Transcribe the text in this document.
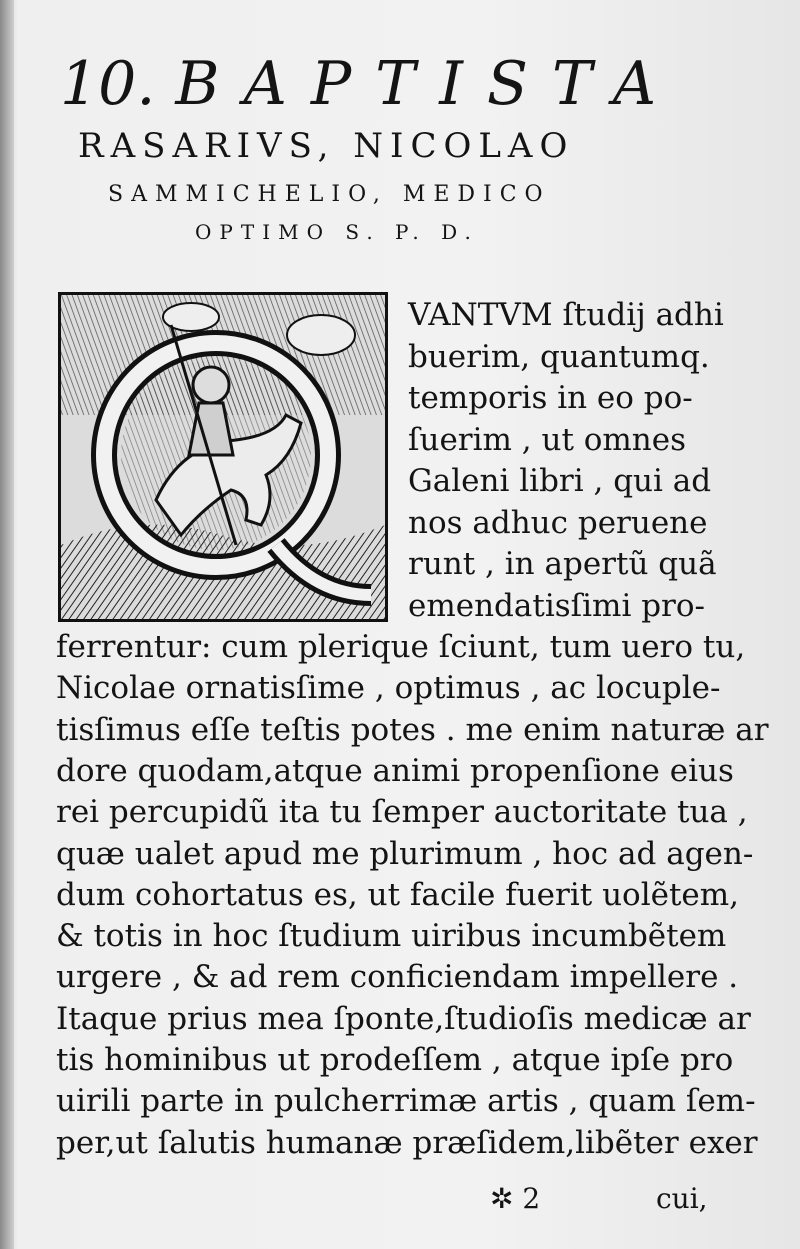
10. BAPTISTA
RASARIVS, NICOLAO
SAMMICHELIO, MEDICO
OPTIMO S. P. D.
VANTVM ſtudij adhi
buerim, quantumq.
temporis in eo po-
ſuerim , ut omnes
Galeni libri , qui ad
nos adhuc peruene
runt , in apertũ quã
emendatisſimi pro-
ferrentur: cum plerique ſciunt, tum uero tu,
Nicolae ornatisſime , optimus , ac locuple-
tisſimus eſſe teſtis potes . me enim naturæ ar
dore quodam,atque animi propenſione eius
rei percupidũ ita tu ſemper auctoritate tua ,
quæ ualet apud me plurimum , hoc ad agen-
dum cohortatus es, ut facile fuerit uolẽtem,
& totis in hoc ſtudium uiribus incumbẽtem
urgere , & ad rem conficiendam impellere .
Itaque prius mea ſponte,ſtudioſis medicæ ar
tis hominibus ut prodeſſem , atque ipſe pro
uirili parte in pulcherrimæ artis , quam ſem-
per,ut ſalutis humanæ præſidem,libẽter exer
✲ 2	cui,
